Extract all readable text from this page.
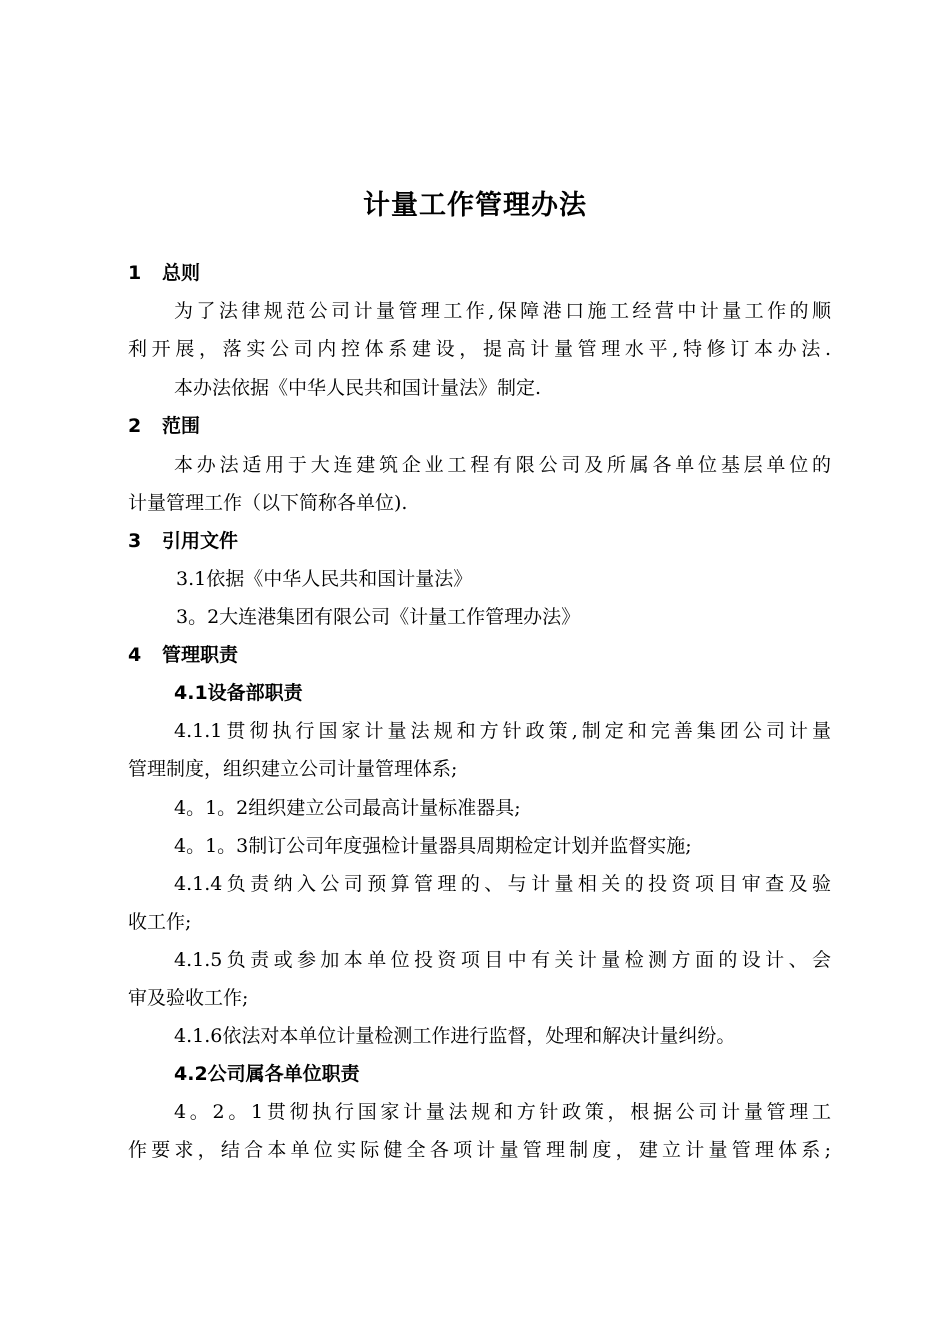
计量工作管理办法
1 总则
为了法律规范公司计量管理工作,保障港口施工经营中计量工作的顺
利开展，落实公司内控体系建设，提高计量管理水平,特修订本办法.
本办法依据《中华人民共和国计量法》制定.
2 范围
本办法适用于大连建筑企业工程有限公司及所属各单位基层单位的
计量管理工作（以下简称各单位).
3 引用文件
3.1依据《中华人民共和国计量法》
3。2大连港集团有限公司《计量工作管理办法》
4 管理职责
4.1设备部职责
4.1.1贯彻执行国家计量法规和方针政策,制定和完善集团公司计量
管理制度，组织建立公司计量管理体系;
4。1。2组织建立公司最高计量标准器具;
4。1。3制订公司年度强检计量器具周期检定计划并监督实施;
4.1.4负责纳入公司预算管理的、与计量相关的投资项目审查及验
收工作;
4.1.5负责或参加本单位投资项目中有关计量检测方面的设计、会
审及验收工作;
4.1.6依法对本单位计量检测工作进行监督，处理和解决计量纠纷。
4.2公司属各单位职责
4。2。1贯彻执行国家计量法规和方针政策，根据公司计量管理工
作要求，结合本单位实际健全各项计量管理制度，建立计量管理体系;
